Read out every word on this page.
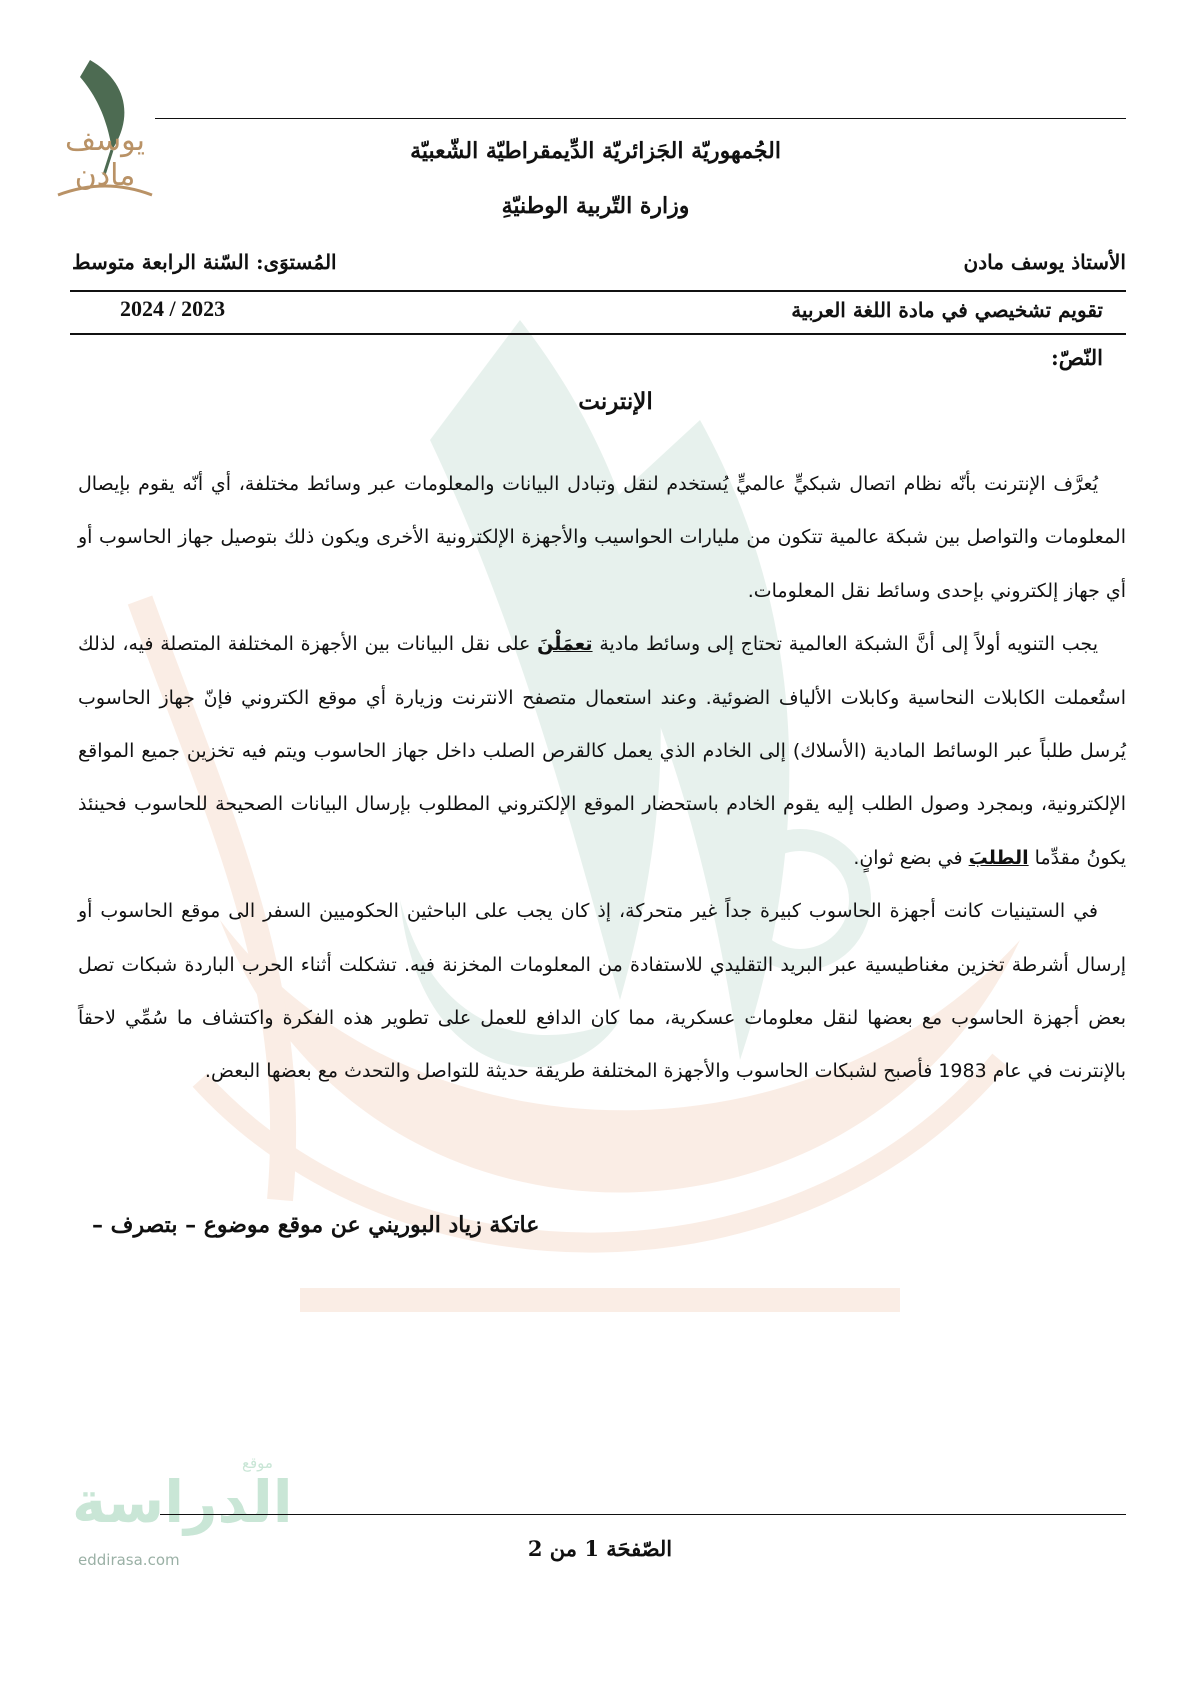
يوسف
مادن
الجُمهوريّة الجَزائريّة الدِّيمقراطيّة الشّعبيّة
وزارة التّربية الوطنيّةِ
الأستاذ يوسف مادن
المُستوَى: السّنة الرابعة متوسط
تقويم تشخيصي في مادة اللغة العربية
2024 / 2023
النّصّ:
الإنترنت

يُعرَّف الإنترنت بأنّه نظام اتصال شبكيٍّ عالميٍّ يُستخدم لنقل وتبادل البيانات والمعلومات عبر وسائط مختلفة، أي أنّه يقوم بإيصال المعلومات والتواصل بين شبكة عالمية تتكون من مليارات الحواسيب والأجهزة الإلكترونية الأخرى ويكون ذلك بتوصيل جهاز الحاسوب أو أي جهاز إلكتروني بإحدى وسائط نقل المعلومات.

يجب التنويه أولاً إلى أنَّ الشبكة العالمية تحتاج إلى وسائط مادية تعمَلْنَ على نقل البيانات بين الأجهزة المختلفة المتصلة فيه، لذلك استُعملت الكابلات النحاسية وكابلات الألياف الضوئية. وعند استعمال متصفح الانترنت وزيارة أي موقع الكتروني فإنّ جهاز الحاسوب يُرسل طلباً عبر الوسائط المادية (الأسلاك) إلى الخادم الذي يعمل كالقرص الصلب داخل جهاز الحاسوب ويتم فيه تخزين جميع المواقع الإلكترونية، وبمجرد وصول الطلب إليه يقوم الخادم باستحضار الموقع الإلكتروني المطلوب بإرسال البيانات الصحيحة للحاسوب فحينئذ يكونُ مقدِّما الطلبَ في بضع ثوانٍ.

في الستينيات كانت أجهزة الحاسوب كبيرة جداً غير متحركة، إذ كان يجب على الباحثين الحكوميين السفر الى موقع الحاسوب أو إرسال أشرطة تخزين مغناطيسية عبر البريد التقليدي للاستفادة من المعلومات المخزنة فيه. تشكلت أثناء الحرب الباردة شبكات تصل بعض أجهزة الحاسوب مع بعضها لنقل معلومات عسكرية، مما كان الدافع للعمل على تطوير هذه الفكرة واكتشاف ما سُمِّي لاحقاً بالإنترنت في عام 1983 فأصبح لشبكات الحاسوب والأجهزة المختلفة طريقة حديثة للتواصل والتحدث مع بعضها البعض.

عاتكة زياد البوريني عن موقع موضوع – بتصرف –
موقع
الدراسة
eddirasa.com	الصّفحَة 1 من 2
